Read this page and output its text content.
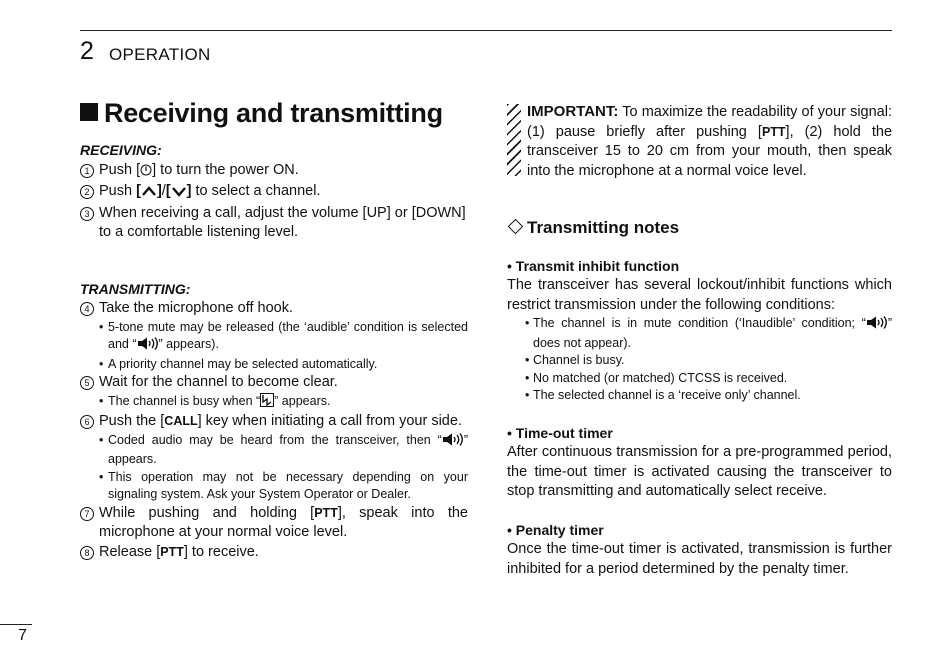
2 OPERATION
Receiving and transmitting
RECEIVING:
1 Push [ ] to turn the power ON.
2 Push [ ]/[ ] to select a channel.
3 When receiving a call, adjust the volume [UP] or [DOWN] to a comfortable listening level.
TRANSMITTING:
4 Take the microphone off hook.
• 5-tone mute may be released (the ‘audible’ condition is selected and “ ” appears).
• A priority channel may be selected automatically.
5 Wait for the channel to become clear.
• The channel is busy when “ ” appears.
6 Push the [CALL] key when initiating a call from your side.
• Coded audio may be heard from the transceiver, then “ ” appears.
• This operation may not be necessary depending on your signaling system. Ask your System Operator or Dealer.
7 While pushing and holding [PTT], speak into the microphone at your normal voice level.
8 Release [PTT] to receive.
IMPORTANT: To maximize the readability of your signal: (1) pause briefly after pushing [PTT], (2) hold the transceiver 15 to 20 cm from your mouth, then speak into the microphone at a normal voice level.
Transmitting notes
• Transmit inhibit function
The transceiver has several lockout/inhibit functions which restrict transmission under the following conditions:
• The channel is in mute condition (‘Inaudible’ condition; “ ” does not appear).
• Channel is busy.
• No matched (or matched) CTCSS is received.
• The selected channel is a ‘receive only’ channel.
• Time-out timer
After continuous transmission for a pre-programmed period, the time-out timer is activated causing the transceiver to stop transmitting and automatically select receive.
• Penalty timer
Once the time-out timer is activated, transmission is further inhibited for a period determined by the penalty timer.
7
